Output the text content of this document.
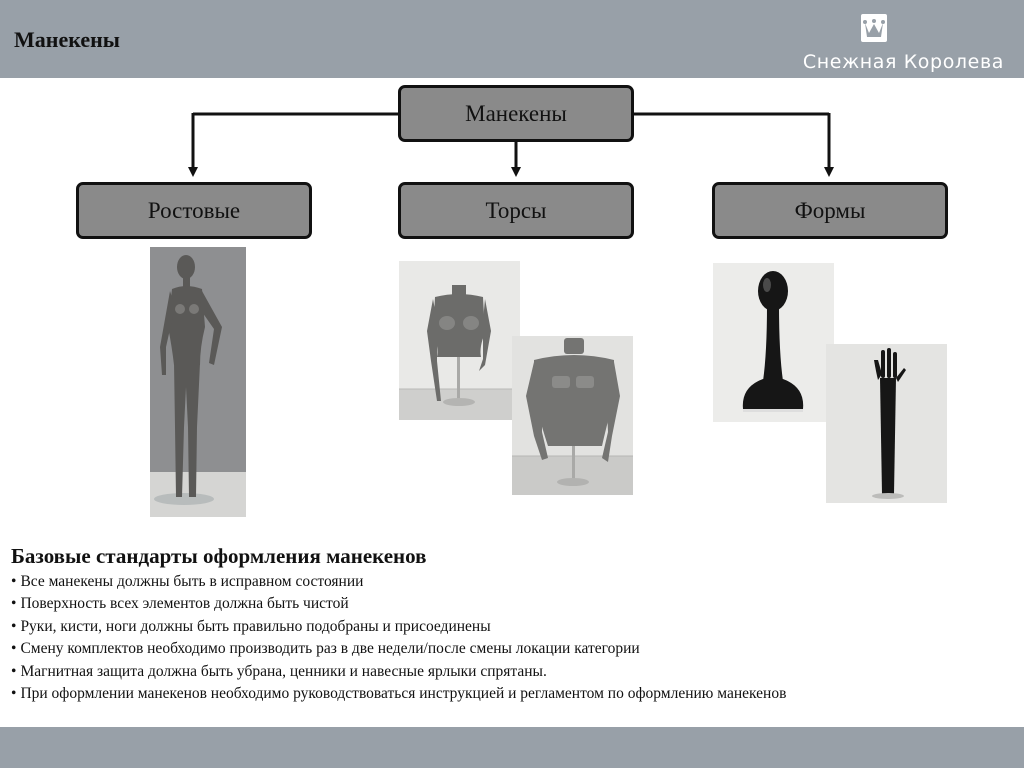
Манекены
Снежная Королева
Манекены
Ростовые	Торсы	Формы
Базовые стандарты оформления манекенов
• Все манекены должны быть в исправном состоянии
• Поверхность всех элементов должна быть чистой
• Руки, кисти, ноги должны быть правильно подобраны и присоединены
• Смену комплектов необходимо производить раз в две недели/после смены локации категории
• Магнитная защита должна быть убрана, ценники и навесные ярлыки спрятаны.
• При оформлении манекенов необходимо руководствоваться инструкцией и регламентом по оформлению манекенов
